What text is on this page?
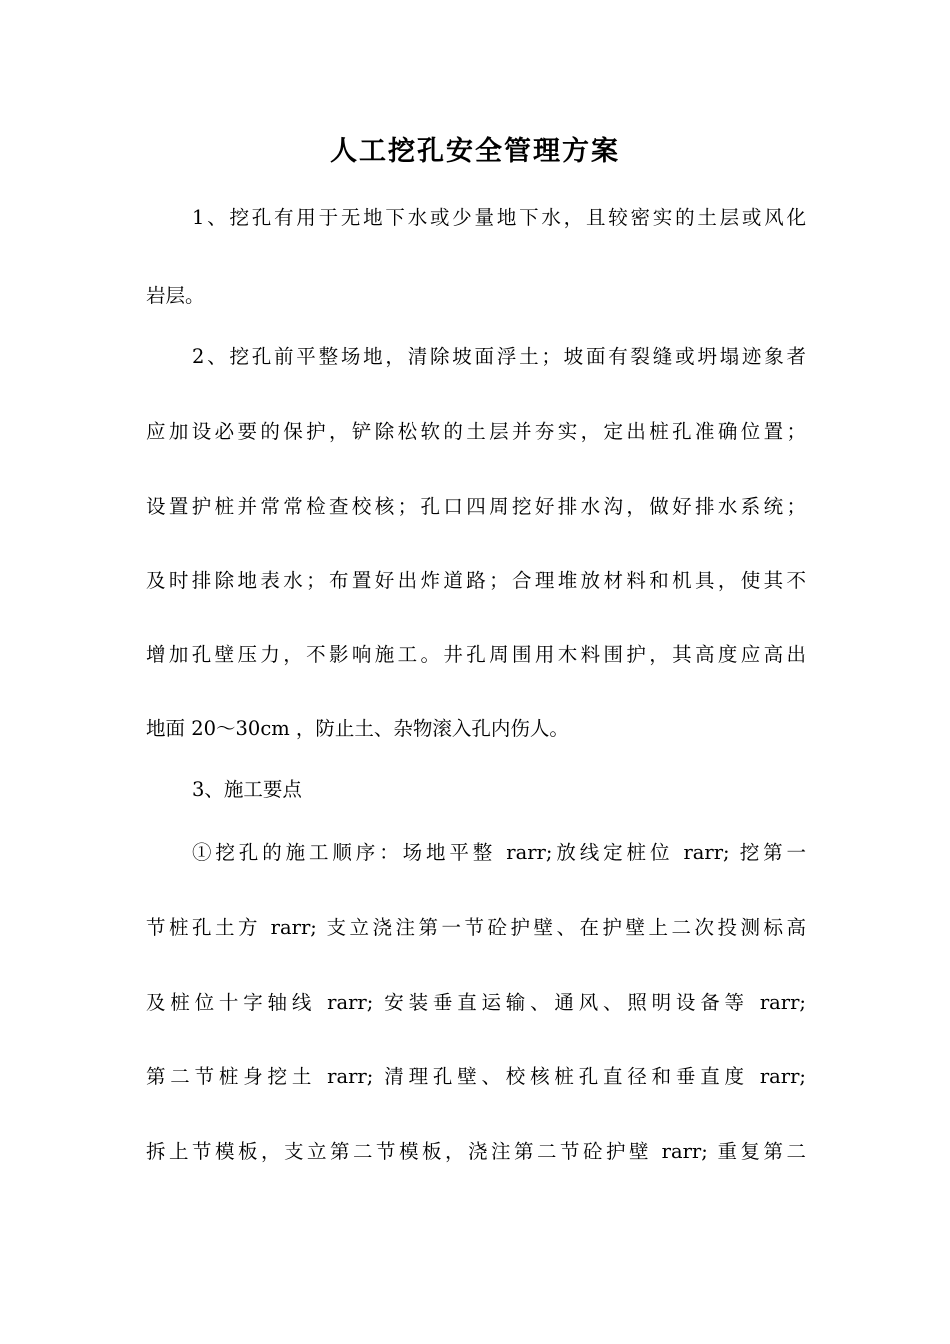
人工挖孔安全管理方案
1、挖孔有用于无地下水或少量地下水，且较密实的土层或风化
岩层。
2、挖孔前平整场地，清除坡面浮土；坡面有裂缝或坍塌迹象者
应加设必要的保护，铲除松软的土层并夯实，定出桩孔准确位置；
设置护桩并常常检查校核；孔口四周挖好排水沟，做好排水系统；
及时排除地表水；布置好出炸道路；合理堆放材料和机具，使其不
增加孔壁压力，不影响施工。井孔周围用木料围护，其高度应高出
地面 20～30cm ，防止土、杂物滚入孔内伤人。
3、施工要点
①挖孔的施工顺序：场地平整 rarr;放线定桩位 rarr; 挖第一
节桩孔土方 rarr; 支立浇注第一节砼护壁、在护壁上二次投测标高
及桩位十字轴线 rarr; 安装垂直运输、通风、照明设备等 rarr;
第二节桩身挖土 rarr; 清理孔壁、校核桩孔直径和垂直度 rarr;
拆上节模板，支立第二节模板，浇注第二节砼护壁 rarr; 重复第二
